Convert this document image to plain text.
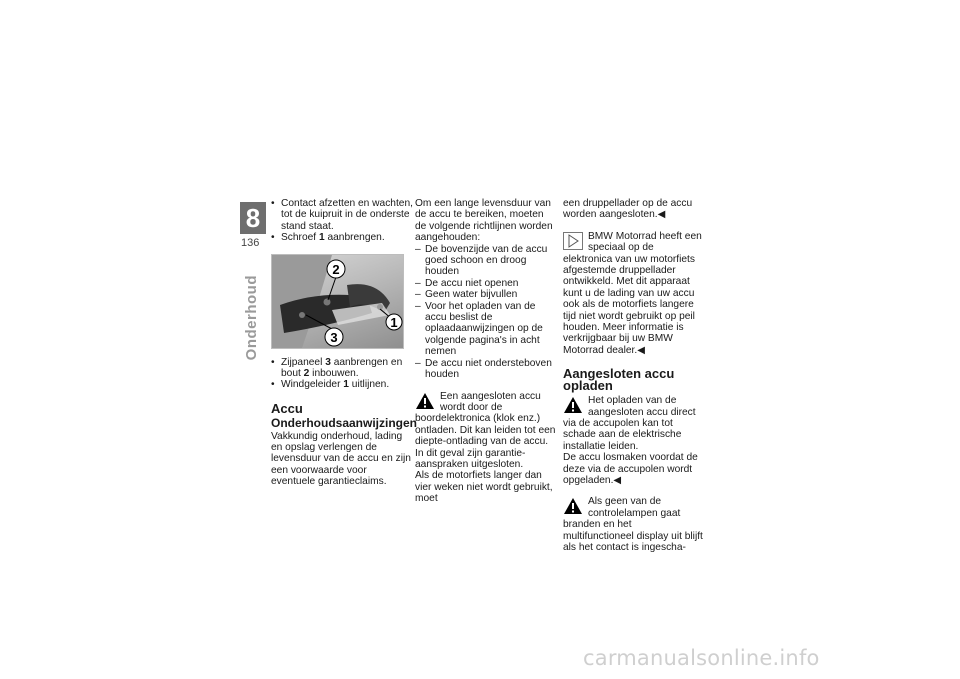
8
136
Onderhoud
• Contact afzetten en wachten, tot de kuipruit in de onderste stand staat.
• Schroef 1 aanbrengen.
2
3
1
• Zijpaneel 3 aanbrengen en bout 2 inbouwen.
• Windgeleider 1 uitlijnen.
Accu
Onderhoudsaanwijzingen

Vakkundig onderhoud, lading en opslag verlengen de levensduur van de accu en zijn een voorwaarde voor eventuele garantieclaims.

Om een lange levensduur van de accu te bereiken, moeten de volgende richtlijnen worden aangehouden:

– De bovenzijde van de accu goed schoon en droog houden
– De accu niet openen
– Geen water bijvullen
– Voor het opladen van de accu beslist de oplaadaanwijzingen op de volgende pagina's in acht nemen
– De accu niet ondersteboven houden

Een aangesloten accu wordt door de boordelektronica (klok enz.) ontladen. Dit kan leiden tot een diepte-ontlading van de accu. In dit geval zijn garantie-aanspraken uitgesloten.

Als de motorfiets langer dan vier weken niet wordt gebruikt, moet

een druppellader op de accu worden aangesloten.◀

BMW Motorrad heeft een speciaal op de elektronica van uw motorfiets afgestemde druppellader ontwikkeld. Met dit apparaat kunt u de lading van uw accu ook als de motorfiets langere tijd niet wordt gebruikt op peil houden. Meer informatie is verkrijgbaar bij uw BMW Motorrad dealer.◀

Aangesloten accu opladen

Het opladen van de aangesloten accu direct via de accupolen kan tot schade aan de elektrische installatie leiden.

De accu losmaken voordat de deze via de accupolen wordt opgeladen.◀

Als geen van de controlelampen gaat branden en het multifunctioneel display uit blijft als het contact is ingescha-

carmanualsonline.info
